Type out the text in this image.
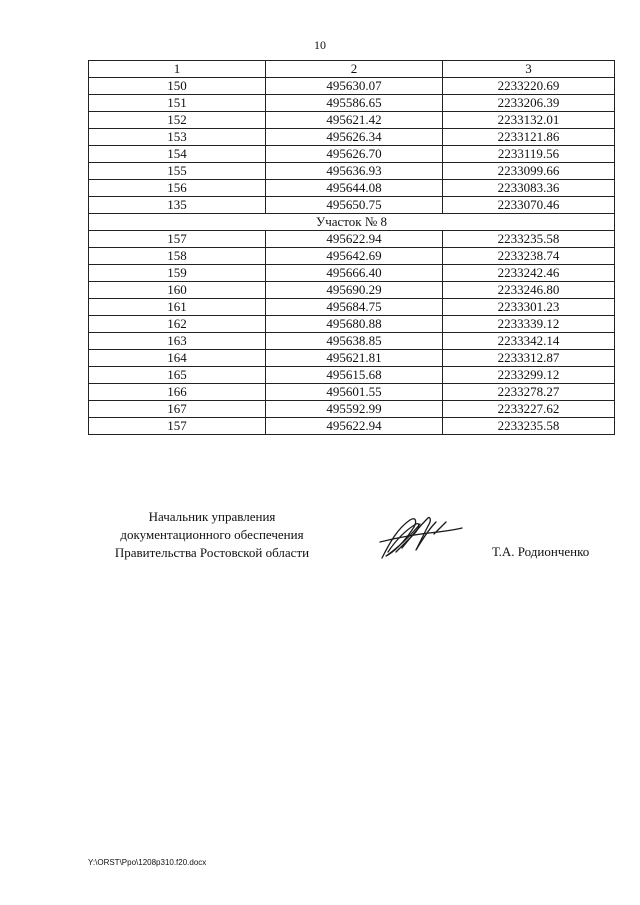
10
1	2	3
150	495630.07	2233220.69
151	495586.65	2233206.39
152	495621.42	2233132.01
153	495626.34	2233121.86
154	495626.70	2233119.56
155	495636.93	2233099.66
156	495644.08	2233083.36
135	495650.75	2233070.46
Участок № 8		
157	495622.94	2233235.58
158	495642.69	2233238.74
159	495666.40	2233242.46
160	495690.29	2233246.80
161	495684.75	2233301.23
162	495680.88	2233339.12
163	495638.85	2233342.14
164	495621.81	2233312.87
165	495615.68	2233299.12
166	495601.55	2233278.27
167	495592.99	2233227.62
157	495622.94	2233235.58
Начальник управления
документационного обеспечения
Правительства Ростовской области	Т.А. Родионченко
Y:\ORST\Ppo\1208p310.f20.docx
